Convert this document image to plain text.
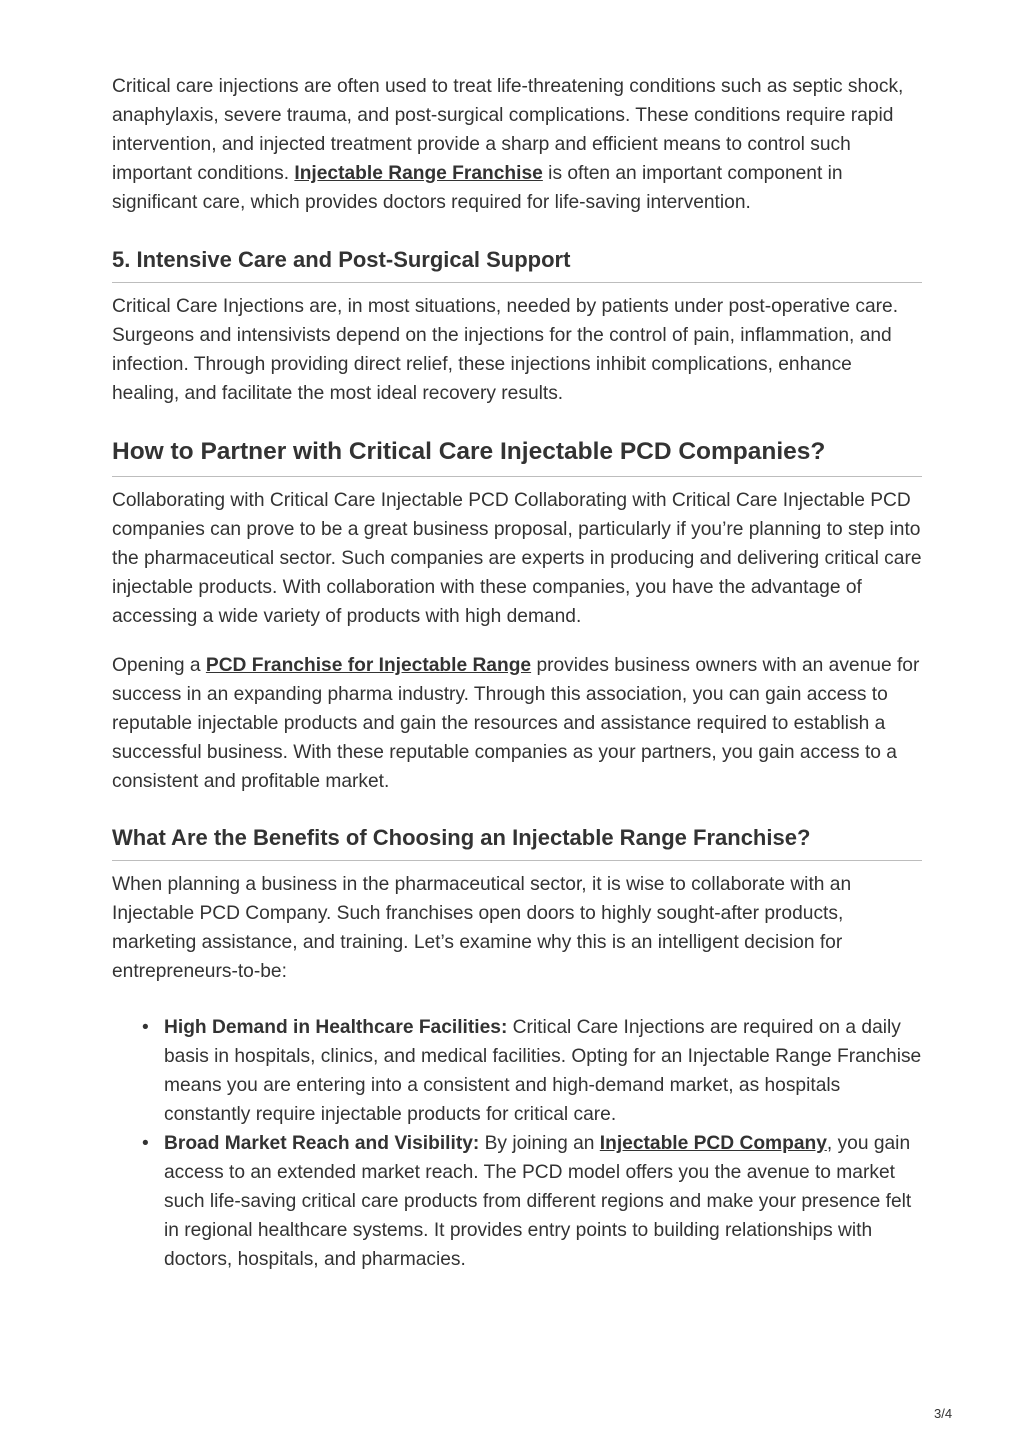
Critical care injections are often used to treat life-threatening conditions such as septic shock, anaphylaxis, severe trauma, and post-surgical complications. These conditions require rapid intervention, and injected treatment provide a sharp and efficient means to control such important conditions. Injectable Range Franchise is often an important component in significant care, which provides doctors required for life-saving intervention.

5. Intensive Care and Post-Surgical Support

Critical Care Injections are, in most situations, needed by patients under post-operative care. Surgeons and intensivists depend on the injections for the control of pain, inflammation, and infection. Through providing direct relief, these injections inhibit complications, enhance healing, and facilitate the most ideal recovery results.

How to Partner with Critical Care Injectable PCD Companies?

Collaborating with Critical Care Injectable PCD Collaborating with Critical Care Injectable PCD companies can prove to be a great business proposal, particularly if you’re planning to step into the pharmaceutical sector. Such companies are experts in producing and delivering critical care injectable products. With collaboration with these companies, you have the advantage of accessing a wide variety of products with high demand.

Opening a PCD Franchise for Injectable Range provides business owners with an avenue for success in an expanding pharma industry. Through this association, you can gain access to reputable injectable products and gain the resources and assistance required to establish a successful business. With these reputable companies as your partners, you gain access to a consistent and profitable market.

What Are the Benefits of Choosing an Injectable Range Franchise?

When planning a business in the pharmaceutical sector, it is wise to collaborate with an Injectable PCD Company. Such franchises open doors to highly sought-after products, marketing assistance, and training. Let’s examine why this is an intelligent decision for entrepreneurs-to-be:

• High Demand in Healthcare Facilities: Critical Care Injections are required on a daily basis in hospitals, clinics, and medical facilities. Opting for an Injectable Range Franchise means you are entering into a consistent and high-demand market, as hospitals constantly require injectable products for critical care.
• Broad Market Reach and Visibility: By joining an Injectable PCD Company, you gain access to an extended market reach. The PCD model offers you the avenue to market such life-saving critical care products from different regions and make your presence felt in regional healthcare systems. It provides entry points to building relationships with doctors, hospitals, and pharmacies.
3/4
